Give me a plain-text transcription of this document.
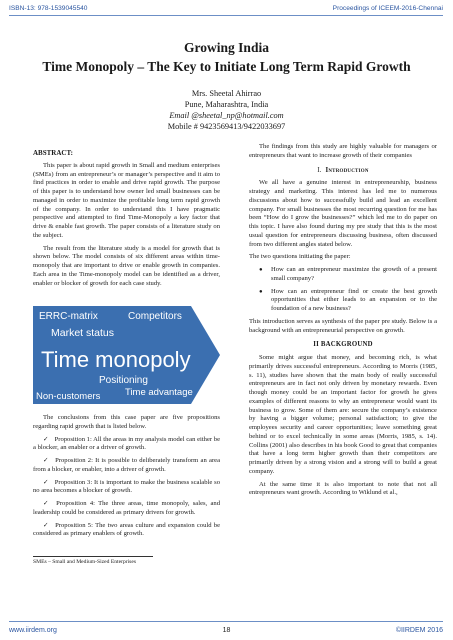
ISBN-13: 978-1539045540	Proceedings of ICEEM-2016-Chennai
Growing India
Time Monopoly – The Key to Initiate Long Term Rapid Growth
Mrs. Sheetal Ahirrao
Pune, Maharashtra, India
Email @sheetal_np@hotmail.com
Mobile # 9423569413/9422033697
ABSTRACT:

This paper is about rapid growth in Small and medium enterprises (SMEs) from an entrepreneur’s or manager’s perspective and it aim to find practices in order to enable and drive rapid growth. The purpose of this paper is to understand how owner led small businesses can be managed in order to maximize the profitable long term rapid growth of the company. In order to understand this I have pragmatic perspective and attempted to find Time-Monopoly a key factor that drive & enable fast growth. The paper consists of a literature study on the subject.

The result from the literature study is a model for growth that is shown below. The model consists of six different areas within time-monopoly that are important to drive or enable growth in companies. Each area in the Time-monopoly model can be identified as a driver, enabler or blocker of growth for each case study.

ERRC-matrix	Competitors
Market status
Time monopoly
Positioning
Non-customers	Time advantage

The conclusions from this case paper are five propositions regarding rapid growth that is listed below.

✓ Proposition 1: All the areas in my analysis model can either be a blocker, an enabler or a driver of growth.

✓ Proposition 2: It is possible to deliberately transform an area from a blocker, or enabler, into a driver of growth.

✓ Proposition 3: It is important to make the business scalable so no area becomes a blocker of growth.

✓ Proposition 4: The three areas, time monopoly, sales, and leadership could be considered as primary drivers for growth.

✓ Proposition 5: The two areas culture and expansion could be considered as primary enablers of growth.

SMEs – Small and Medium-Sized Enterprises

The findings from this study are highly valuable for managers or entrepreneurs that want to increase growth of their companies

I. Introduction

We all have a genuine interest in entrepreneurship, business strategy and marketing. This interest has led me to numerous discussions about how to successfully build and lead an excellent company. For small businesses the most recurring question for me has been “How do I grow the businesses?” which led me to do paper on this topic. I have also found during my pre study that this is the most usual question for entrepreneurs discussing business, often discussed from two different angles stated below.

The two questions initiating the paper:

●	How can an entrepreneur maximize the growth of a present small company?
●	How can an entrepreneur find or create the best growth opportunities that either leads to an expansion or to the foundation of a new business?

This introduction serves as synthesis of the paper pre study. Below is a background with an entrepreneurial perspective on growth.

II BACKGROUND

Some might argue that money, and becoming rich, is what primarily drives successful entrepreneurs. According to Morris (1985, s. 11), studies have shown that the main body of really successful entrepreneurs are in fact not only driven by monetary rewards. Even though money could be an important factor for growth he gives examples of different reasons to why an entrepreneur would want its business to grow. Some of them are: secure the company’s existence by having a bigger volume; personal satisfaction; to give the employees security and career opportunities; leave something great behind or to excel technically in some areas (Morris, 1985, s. 14). Collins (2001) also describes in his book Good to great that companies that have a long term higher growth than their competitors are primarily driven by a strong vision and a strong will to build a great company.

At the same time it is also important to note that not all entrepreneurs want growth. According to Wiklund et al.,

www.iirdem.org	18	©IIRDEM 2016
